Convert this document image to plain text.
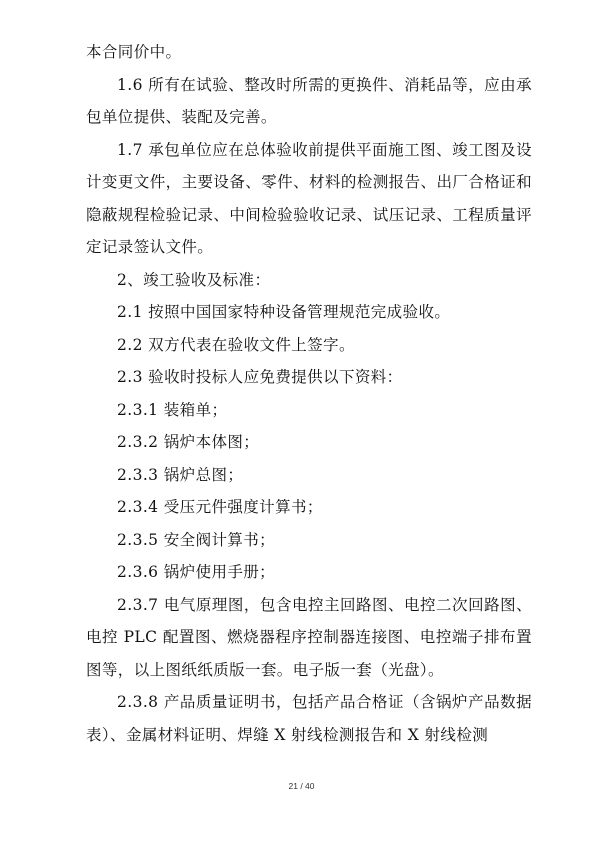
本合同价中。

1.6 所有在试验、整改时所需的更换件、消耗品等，应由承包单位提供、装配及完善。

1.7 承包单位应在总体验收前提供平面施工图、竣工图及设计变更文件，主要设备、零件、材料的检测报告、出厂合格证和隐蔽规程检验记录、中间检验验收记录、试压记录、工程质量评定记录签认文件。

2、竣工验收及标准：

2.1 按照中国国家特种设备管理规范完成验收。

2.2 双方代表在验收文件上签字。

2.3 验收时投标人应免费提供以下资料：

2.3.1 装箱单；

2.3.2 锅炉本体图；

2.3.3 锅炉总图；

2.3.4 受压元件强度计算书；

2.3.5 安全阀计算书；

2.3.6 锅炉使用手册；

2.3.7 电气原理图，包含电控主回路图、电控二次回路图、电控 PLC 配置图、燃烧器程序控制器连接图、电控端子排布置图等，以上图纸纸质版一套。电子版一套（光盘）。

2.3.8 产品质量证明书，包括产品合格证（含锅炉产品数据表）、金属材料证明、焊缝 X 射线检测报告和 X 射线检测

21 / 40
